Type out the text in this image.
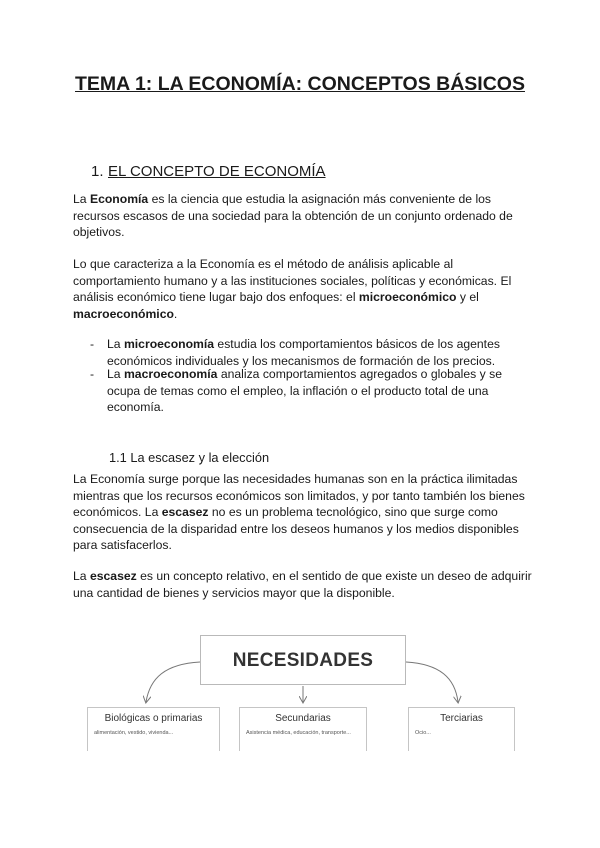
TEMA 1: LA ECONOMÍA: CONCEPTOS BÁSICOS
1. EL CONCEPTO DE ECONOMÍA

La Economía es la ciencia que estudia la asignación más conveniente de los recursos escasos de una sociedad para la obtención de un conjunto ordenado de objetivos.

Lo que caracteriza a la Economía es el método de análisis aplicable al comportamiento humano y a las instituciones sociales, políticas y económicas. El análisis económico tiene lugar bajo dos enfoques: el microeconómico y el macroeconómico.

- La microeconomía estudia los comportamientos básicos de los agentes económicos individuales y los mecanismos de formación de los precios.
- La macroeconomía analiza comportamientos agregados o globales y se ocupa de temas como el empleo, la inflación o el producto total de una economía.
1.1 La escasez y la elección

La Economía surge porque las necesidades humanas son en la práctica ilimitadas mientras que los recursos económicos son limitados, y por tanto también los bienes económicos. La escasez no es un problema tecnológico, sino que surge como consecuencia de la disparidad entre los deseos humanos y los medios disponibles para satisfacerlos.

La escasez es un concepto relativo, en el sentido de que existe un deseo de adquirir una cantidad de bienes y servicios mayor que la disponible.

NECESIDADES
Biológicas o primarias
alimentación, vestido, vivienda...
Secundarias
Asistencia médica, educación, transporte...
Terciarias
Ocio...
